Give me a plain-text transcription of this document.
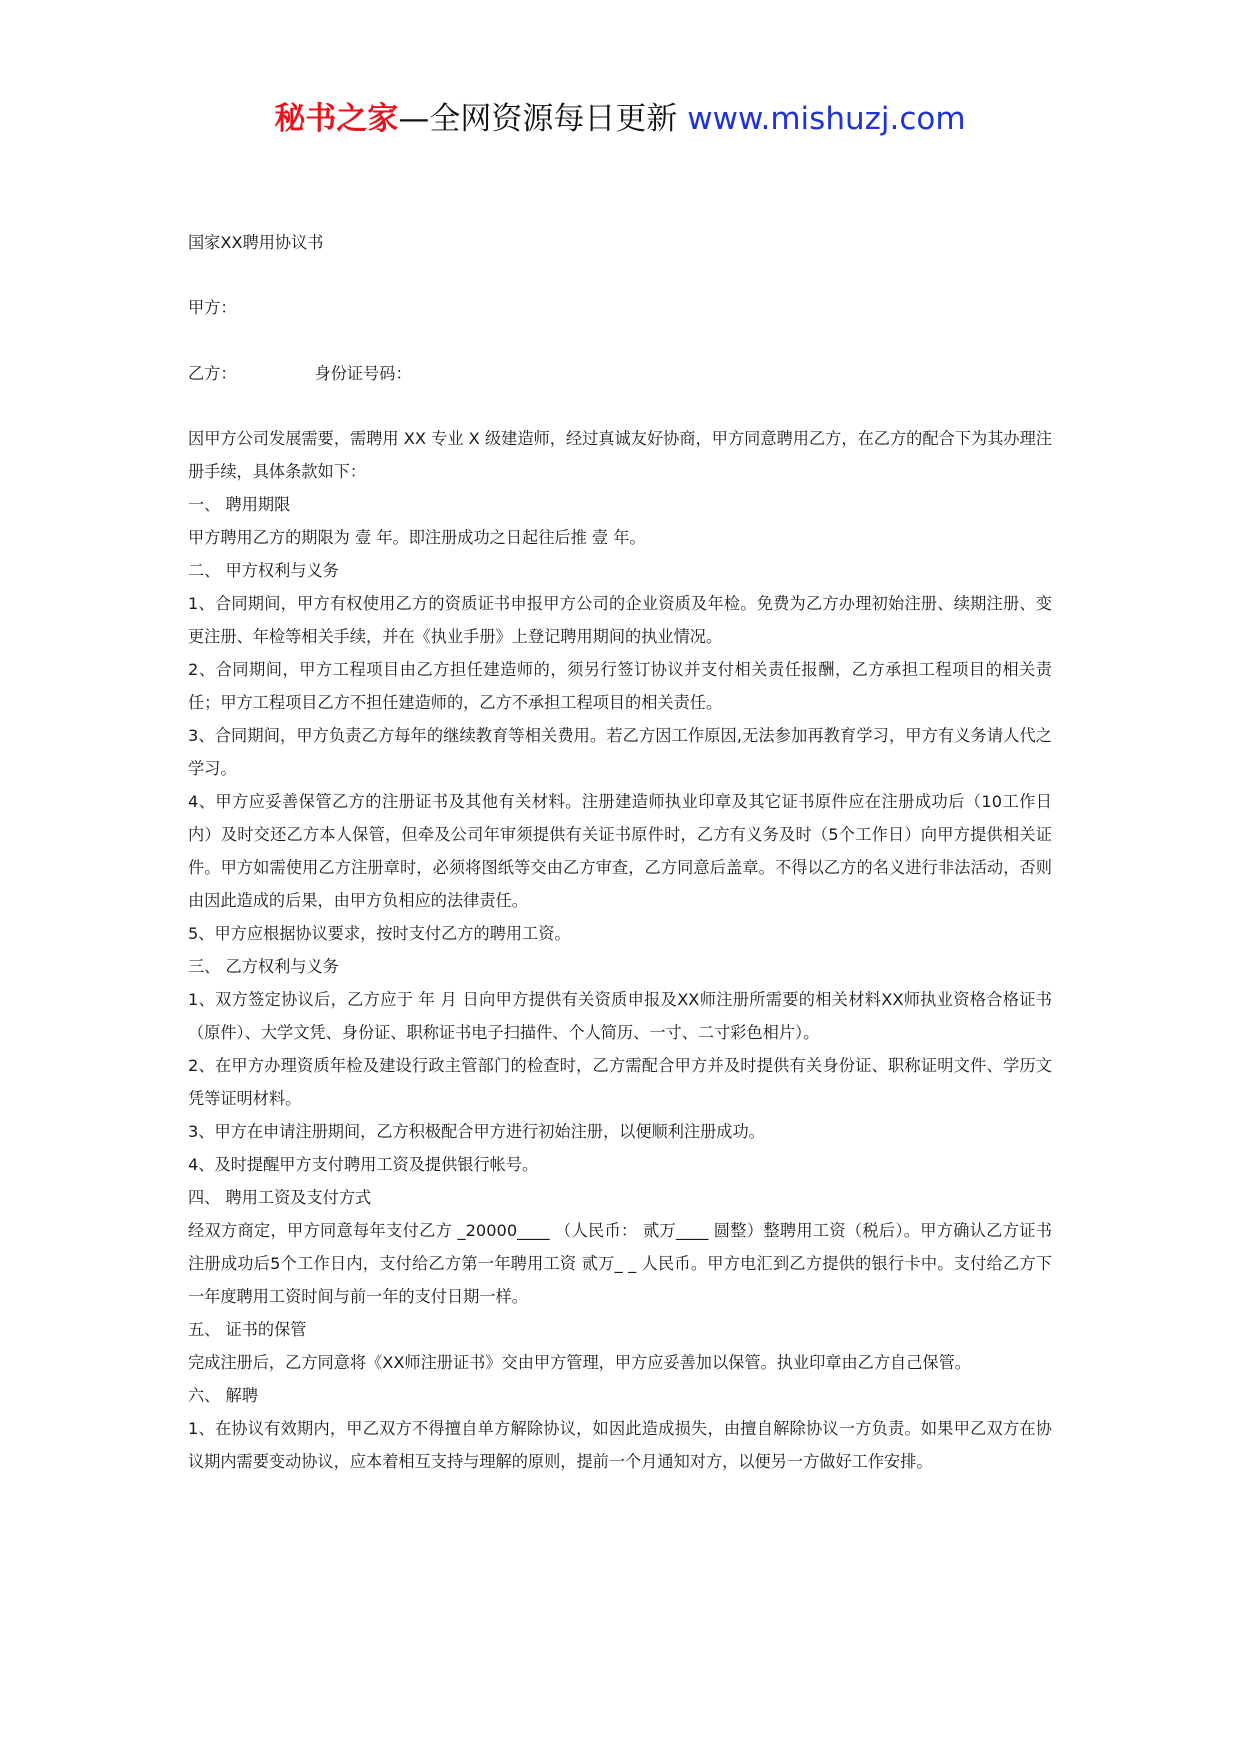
秘书之家—全网资源每日更新 www.mishuzj.com

国家XX聘用协议书

甲方：

乙方：	身份证号码：

因甲方公司发展需要，需聘用 XX 专业 X 级建造师，经过真诚友好协商，甲方同意聘用乙方，在乙方的配合下为其办理注册手续，具体条款如下：

一、 聘用期限

甲方聘用乙方的期限为 壹 年。即注册成功之日起往后推 壹 年。

二、 甲方权利与义务

1、合同期间，甲方有权使用乙方的资质证书申报甲方公司的企业资质及年检。免费为乙方办理初始注册、续期注册、变更注册、年检等相关手续，并在《执业手册》上登记聘用期间的执业情况。

2、合同期间，甲方工程项目由乙方担任建造师的，须另行签订协议并支付相关责任报酬，乙方承担工程项目的相关责任；甲方工程项目乙方不担任建造师的，乙方不承担工程项目的相关责任。

3、合同期间，甲方负责乙方每年的继续教育等相关费用。若乙方因工作原因,无法参加再教育学习，甲方有义务请人代之学习。

4、甲方应妥善保管乙方的注册证书及其他有关材料。注册建造师执业印章及其它证书原件应在注册成功后（10工作日内）及时交还乙方本人保管，但牵及公司年审须提供有关证书原件时，乙方有义务及时（5个工作日）向甲方提供相关证件。甲方如需使用乙方注册章时，必须将图纸等交由乙方审查，乙方同意后盖章。不得以乙方的名义进行非法活动，否则由因此造成的后果，由甲方负相应的法律责任。

5、甲方应根据协议要求，按时支付乙方的聘用工资。

三、 乙方权利与义务

1、双方签定协议后，乙方应于 年 月 日向甲方提供有关资质申报及XX师注册所需要的相关材料XX师执业资格合格证书（原件）、大学文凭、身份证、职称证书电子扫描件、个人简历、一寸、二寸彩色相片）。

2、在甲方办理资质年检及建设行政主管部门的检查时，乙方需配合甲方并及时提供有关身份证、职称证明文件、学历文凭等证明材料。

3、甲方在申请注册期间，乙方积极配合甲方进行初始注册，以便顺利注册成功。

4、及时提醒甲方支付聘用工资及提供银行帐号。

四、 聘用工资及支付方式

经双方商定，甲方同意每年支付乙方 _20000____ （人民币： 贰万____ 圆整）整聘用工资（税后）。甲方确认乙方证书注册成功后5个工作日内，支付给乙方第一年聘用工资 贰万_ _ 人民币。甲方电汇到乙方提供的银行卡中。支付给乙方下一年度聘用工资时间与前一年的支付日期一样。

五、 证书的保管

完成注册后，乙方同意将《XX师注册证书》交由甲方管理，甲方应妥善加以保管。执业印章由乙方自己保管。

六、 解聘

1、在协议有效期内，甲乙双方不得擅自单方解除协议，如因此造成损失，由擅自解除协议一方负责。如果甲乙双方在协议期内需要变动协议，应本着相互支持与理解的原则，提前一个月通知对方，以便另一方做好工作安排。
